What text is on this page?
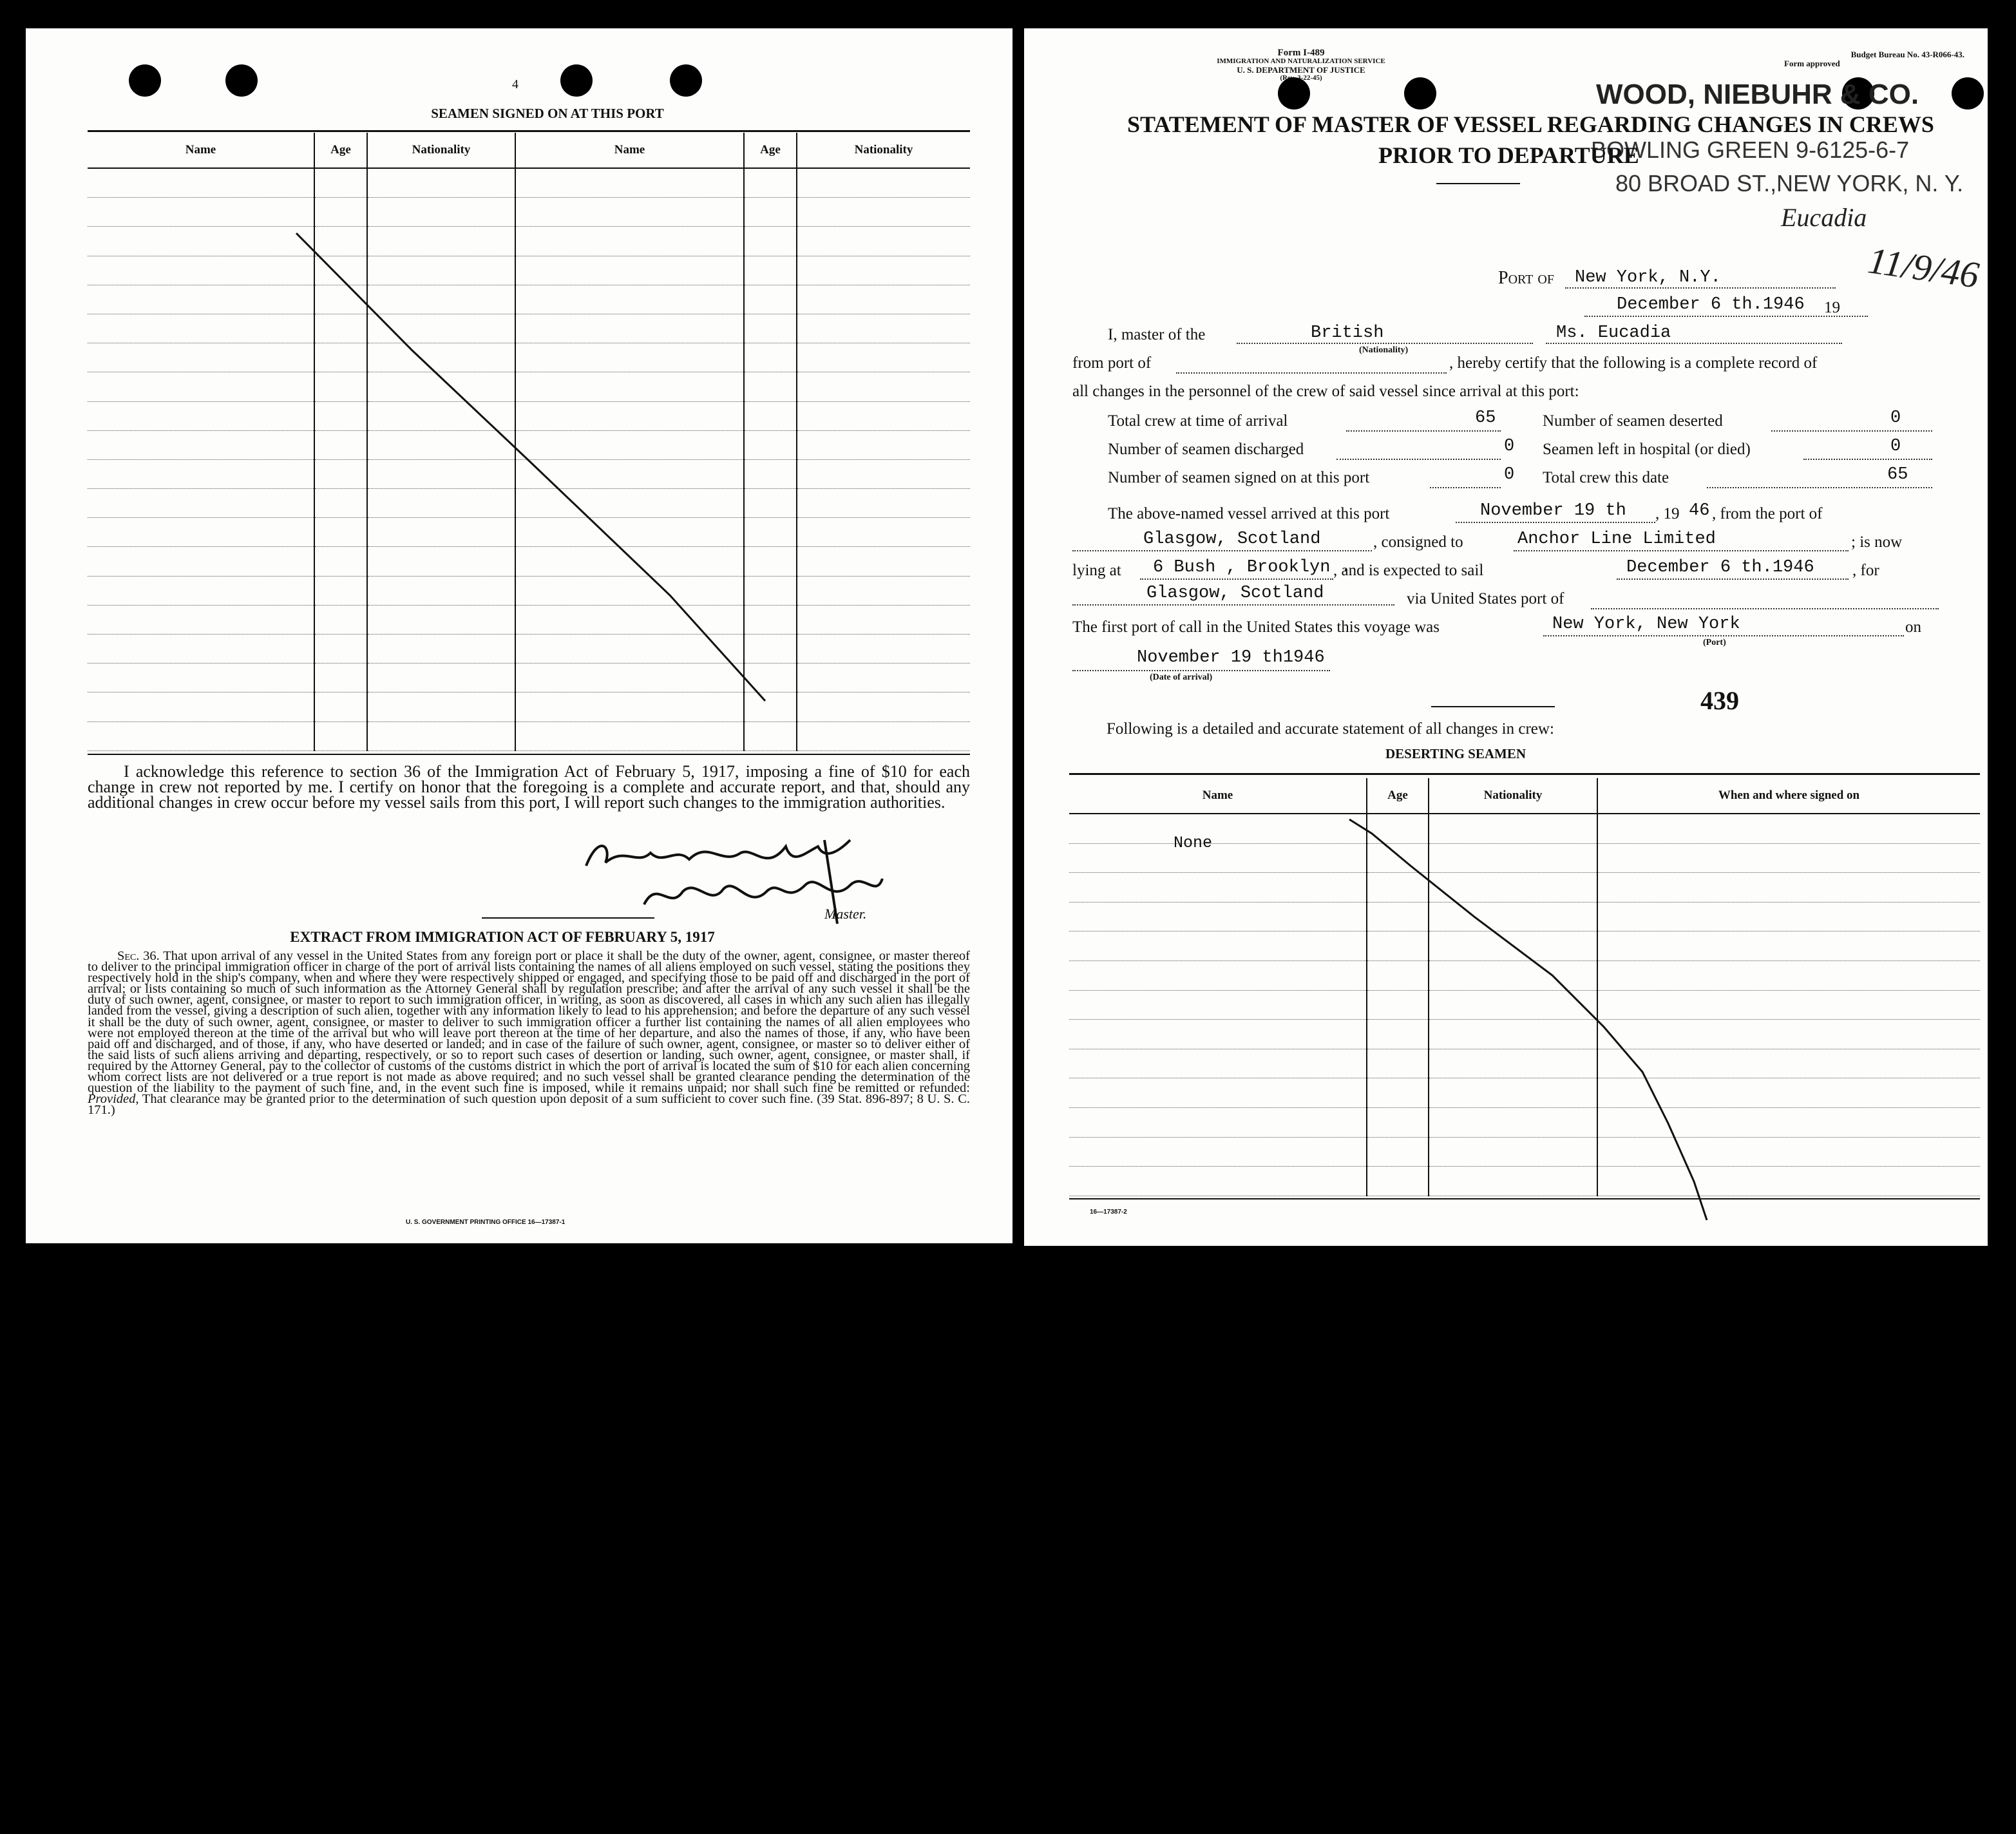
4
SEAMEN SIGNED ON AT THIS PORT
Name	Age	Nationality	Name	Age	Nationality

I acknowledge this reference to section 36 of the Immigration Act of February 5, 1917, imposing a fine of $10 for each change in crew not reported by me. I certify on honor that the foregoing is a complete and accurate report, and that, should any additional changes in crew occur before my vessel sails from this port, I will report such changes to the immigration authorities.

Master.
EXTRACT FROM IMMIGRATION ACT OF FEBRUARY 5, 1917

Sec. 36. That upon arrival of any vessel in the United States from any foreign port or place it shall be the duty of the owner, agent, consignee, or master thereof to deliver to the principal immigration officer in charge of the port of arrival lists containing the names of all aliens employed on such vessel, stating the positions they respectively hold in the ship's company, when and where they were respectively shipped or engaged, and specifying those to be paid off and discharged in the port of arrival; or lists containing so much of such information as the Attorney General shall by regulation prescribe; and after the arrival of any such vessel it shall be the duty of such owner, agent, consignee, or master to report to such immigration officer, in writing, as soon as discovered, all cases in which any such alien has illegally landed from the vessel, giving a description of such alien, together with any information likely to lead to his apprehension; and before the departure of any such vessel it shall be the duty of such owner, agent, consignee, or master to deliver to such immigration officer a further list containing the names of all alien employees who were not employed thereon at the time of the arrival but who will leave port thereon at the time of her departure, and also the names of those, if any, who have been paid off and discharged, and of those, if any, who have deserted or landed; and in case of the failure of such owner, agent, consignee, or master so to deliver either of the said lists of such aliens arriving and departing, respectively, or so to report such cases of desertion or landing, such owner, agent, consignee, or master shall, if required by the Attorney General, pay to the collector of customs of the customs district in which the port of arrival is located the sum of $10 for each alien concerning whom correct lists are not delivered or a true report is not made as above required; and no such vessel shall be granted clearance pending the determination of the question of the liability to the payment of such fine, and, in the event such fine is imposed, while it remains unpaid; nor shall such fine be remitted or refunded: Provided, That clearance may be granted prior to the determination of such question upon deposit of a sum sufficient to cover such fine. (39 Stat. 896-897; 8 U. S. C. 171.)

U. S. GOVERNMENT PRINTING OFFICE 16—17387-1
Form I-489
IMMIGRATION AND NATURALIZATION SERVICE
U. S. DEPARTMENT OF JUSTICE
(Rev. 3-22-45)
Budget Bureau No. 43-R066-43.
Form approved
WOOD, NIEBUHR & CO.
BOWLING GREEN 9-6125-6-7
80 BROAD ST., NEW YORK, N. Y.
STATEMENT OF MASTER OF VESSEL REGARDING CHANGES IN CREWS
PRIOR TO DEPARTURE
Eucadia
11/9/46
Port of New York, N.Y.
December 6 th.1946 19
I, master of the	British
(Nationality)
Ms. Eucadia
from port of	, hereby certify that the following is a complete record of
all changes in the personnel of the crew of said vessel since arrival at this port:
Total crew at time of arrival	65	Number of seamen deserted	0
Number of seamen discharged	0 Seamen left in hospital (or died)	0
Number of seamen signed on at this port	0 Total crew this date	65
The above-named vessel arrived at this port	November 19 th , 19 46 , from the port of
Glasgow, Scotland	, consigned to	Anchor Line Limited	; is now
lying at 6 Bush , Brooklyn .
, and is expected to sail	December 6 th.1946 , for
Glasgow, Scotland	via United States port of
The first port of call in the United States this voyage was	New York, New York
(Port)
on
November 19 th1946
(Date of arrival)
439
Following is a detailed and accurate statement of all changes in crew:
DESERTING SEAMEN
Name	Age	Nationality	When and where signed on

None
16—17387-2
